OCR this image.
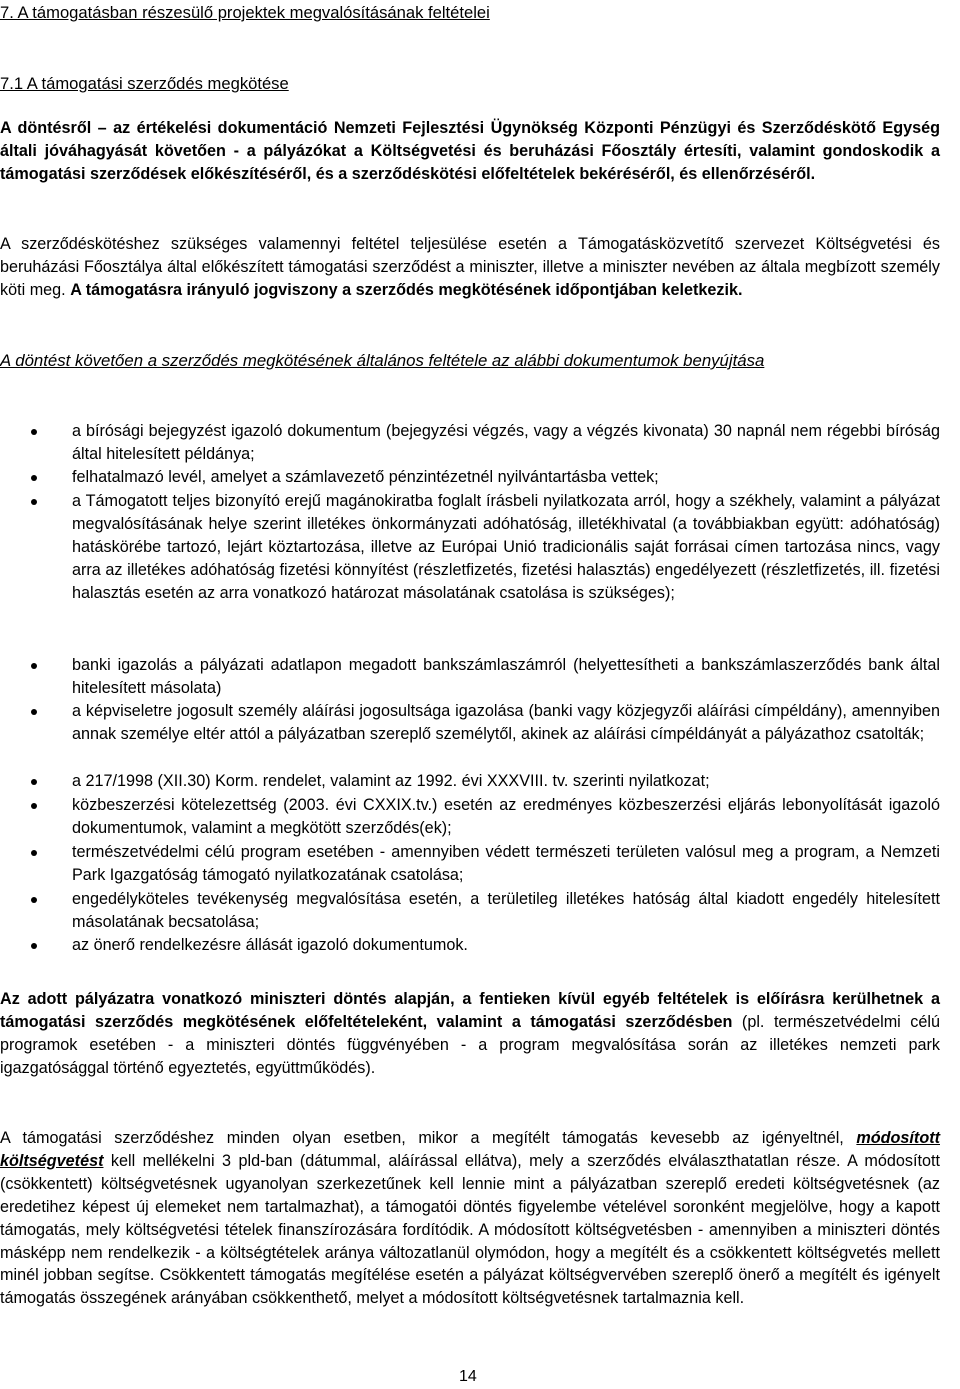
7. A támogatásban részesülő projektek megvalósításának feltételei

7.1 A támogatási szerződés megkötése

A döntésről – az értékelési dokumentáció Nemzeti Fejlesztési Ügynökség Központi Pénzügyi és Szerződéskötő Egység általi jóváhagyását követően - a pályázókat a Költségvetési és beruházási Főosztály értesíti, valamint gondoskodik a támogatási szerződések előkészítéséről, és a szerződéskötési előfeltételek bekéréséről, és ellenőrzéséről.

A szerződéskötéshez szükséges valamennyi feltétel teljesülése esetén a Támogatásközvetítő szervezet Költségvetési és beruházási Főosztálya által előkészített támogatási szerződést a miniszter, illetve a miniszter nevében az általa megbízott személy köti meg. A támogatásra irányuló jogviszony a szerződés megkötésének időpontjában keletkezik.

A döntést követően a szerződés megkötésének általános feltétele az alábbi dokumentumok benyújtása

a bírósági bejegyzést igazoló dokumentum (bejegyzési végzés, vagy a végzés kivonata) 30 napnál nem régebbi bíróság által hitelesített példánya;

felhatalmazó levél, amelyet a számlavezető pénzintézetnél nyilvántartásba vettek;

a Támogatott teljes bizonyító erejű magánokiratba foglalt írásbeli nyilatkozata arról, hogy a székhely, valamint a pályázat megvalósításának helye szerint illetékes önkormányzati adóhatóság, illetékhivatal (a továbbiakban együtt: adóhatóság) hatáskörébe tartozó, lejárt köztartozása, illetve az Európai Unió tradicionális saját forrásai címen tartozása nincs, vagy arra az illetékes adóhatóság fizetési könnyítést (részletfizetés, fizetési halasztás) engedélyezett (részletfizetés, ill. fizetési halasztás esetén az arra vonatkozó határozat másolatának csatolása is szükséges);

banki igazolás a pályázati adatlapon megadott bankszámlaszámról (helyettesítheti a bankszámlaszerződés bank által hitelesített másolata)

a képviseletre jogosult személy aláírási jogosultsága igazolása (banki vagy közjegyzői aláírási címpéldány), amennyiben annak személye eltér attól a pályázatban szereplő személytől, akinek az aláírási címpéldányát a pályázathoz csatolták;

a 217/1998 (XII.30) Korm. rendelet, valamint az 1992. évi XXXVIII. tv. szerinti nyilatkozat;

közbeszerzési kötelezettség (2003. évi CXXIX.tv.) esetén az eredményes közbeszerzési eljárás lebonyolítását igazoló dokumentumok, valamint a megkötött szerződés(ek);

természetvédelmi célú program esetében - amennyiben védett természeti területen valósul meg a program, a Nemzeti Park Igazgatóság támogató nyilatkozatának csatolása;

engedélyköteles tevékenység megvalósítása esetén, a területileg illetékes hatóság által kiadott engedély hitelesített másolatának becsatolása;

az önerő rendelkezésre állását igazoló dokumentumok.

Az adott pályázatra vonatkozó miniszteri döntés alapján, a fentieken kívül egyéb feltételek is előírásra kerülhetnek a támogatási szerződés megkötésének előfeltételeként, valamint a támogatási szerződésben (pl. természetvédelmi célú programok esetében - a miniszteri döntés függvényében - a program megvalósítása során az illetékes nemzeti park igazgatósággal történő egyeztetés, együttműködés).

A támogatási szerződéshez minden olyan esetben, mikor a megítélt támogatás kevesebb az igényeltnél, módosított költségvetést kell mellékelni 3 pld-ban (dátummal, aláírással ellátva), mely a szerződés elválaszthatatlan része. A módosított (csökkentett) költségvetésnek ugyanolyan szerkezetűnek kell lennie mint a pályázatban szereplő eredeti költségvetésnek (az eredetihez képest új elemeket nem tartalmazhat), a támogatói döntés figyelembe vételével soronként megjelölve, hogy a kapott támogatás, mely költségvetési tételek finanszírozására fordítódik. A módosított költségvetésben - amennyiben a miniszteri döntés másképp nem rendelkezik - a költségtételek aránya változatlanül olymódon, hogy a megítélt és a csökkentett költségvetés mellett minél jobban segítse. Csökkentett támogatás megítélése esetén a pályázat költségvervében szereplő önerő a megítélt és igényelt támogatás összegének arányában csökkenthető, melyet a módosított költségvetésnek tartalmaznia kell.

14
